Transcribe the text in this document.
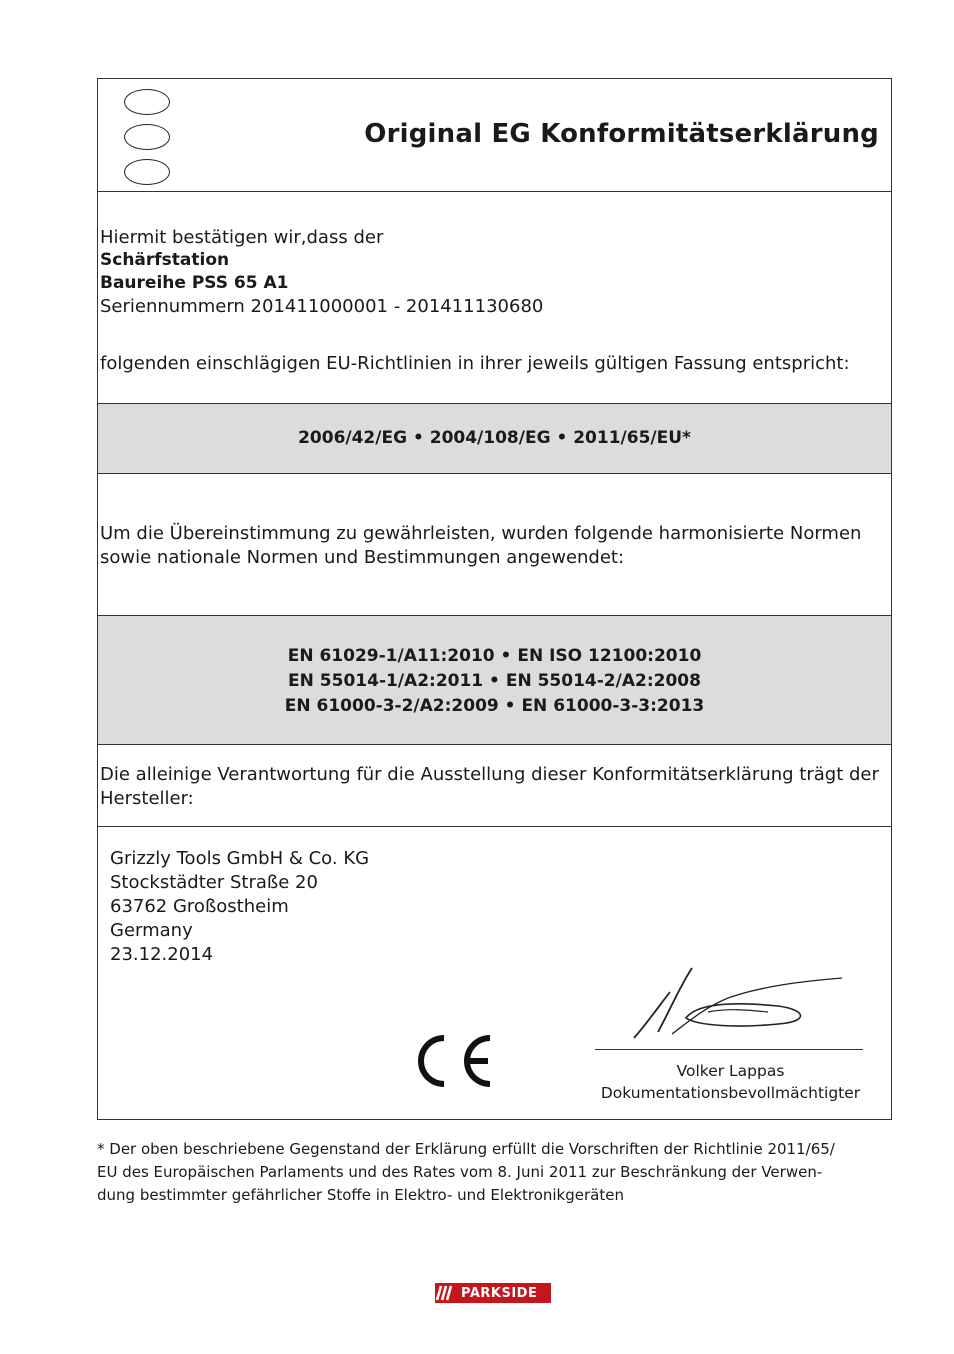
Original EG Konformitätserklärung
Hiermit bestätigen wir,dass der
Schärfstation
Baureihe PSS 65 A1
Seriennummern 201411000001 - 201411130680
folgenden einschlägigen EU-Richtlinien in ihrer jeweils gültigen Fassung entspricht:
2006/42/EG • 2004/108/EG • 2011/65/EU*
Um die Übereinstimmung zu gewährleisten, wurden folgende harmonisierte Normen
sowie nationale Normen und Bestimmungen angewendet:
EN 61029-1/A11:2010 • EN ISO 12100:2010
EN 55014-1/A2:2011 • EN 55014-2/A2:2008
EN 61000-3-2/A2:2009 • EN 61000-3-3:2013
Die alleinige Verantwortung für die Ausstellung dieser Konformitätserklärung trägt der
Hersteller:
Grizzly Tools GmbH & Co. KG
Stockstädter Straße 20
63762 Großostheim
Germany
23.12.2014
Volker Lappas
Dokumentationsbevollmächtigter
* Der oben beschriebene Gegenstand der Erklärung erfüllt die Vorschriften der Richtlinie 2011/65/
EU des Europäischen Parlaments und des Rates vom 8. Juni 2011 zur Beschränkung der Verwen-
dung bestimmter gefährlicher Stoffe in Elektro- und Elektronikgeräten
PARKSIDE
